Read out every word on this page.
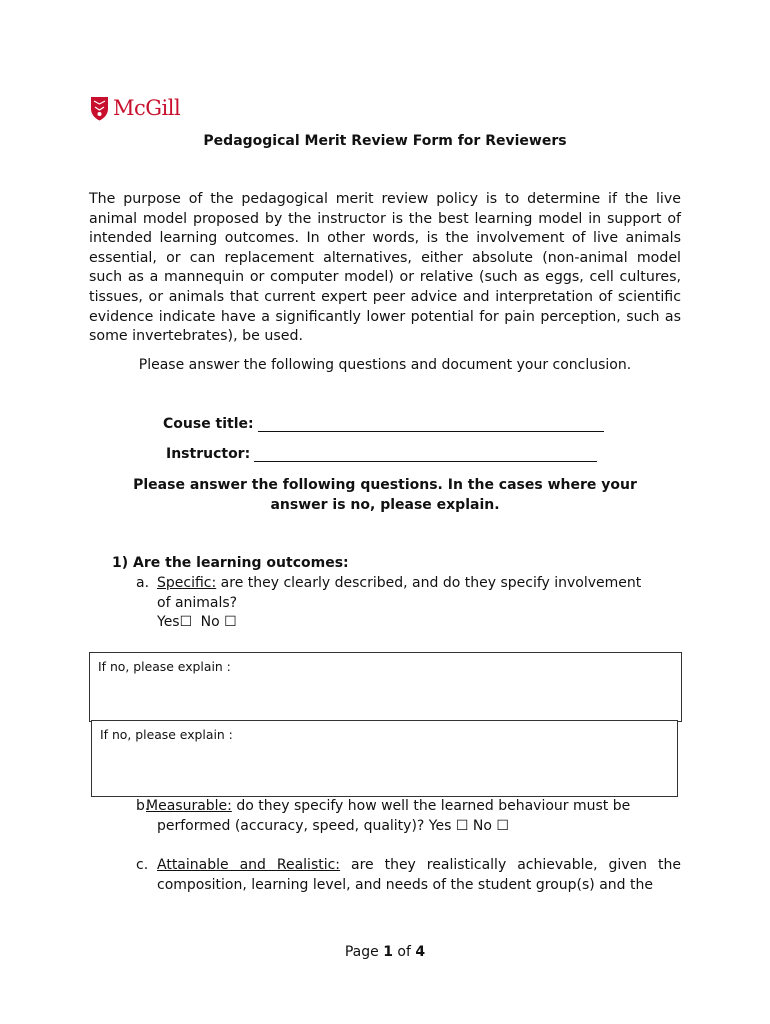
McGill
Pedagogical Merit Review Form for Reviewers

The purpose of the pedagogical merit review policy is to determine if the live animal model proposed by the instructor is the best learning model in support of intended learning outcomes. In other words, is the involvement of live animals essential, or can replacement alternatives, either absolute (non-animal model such as a mannequin or computer model) or relative (such as eggs, cell cultures, tissues, or animals that current expert peer advice and interpretation of scientific evidence indicate have a significantly lower potential for pain perception, such as some invertebrates), be used.

Please answer the following questions and document your conclusion.
Couse title:
Instructor:
Please answer the following questions. In the cases where your
answer is no, please explain.
1) Are the learning outcomes:
a. Specific: are they clearly described, and do they specify involvement
of animals?
Yes☐ No ☐
If no, please explain :
If no, please explain :
b.
Measurable: do they specify how well the learned behaviour must be
performed (accuracy, speed, quality)? Yes ☐ No ☐
c. Attainable and Realistic: are they realistically achievable, given the
composition, learning level, and needs of the student group(s) and the
Page 1 of 4
